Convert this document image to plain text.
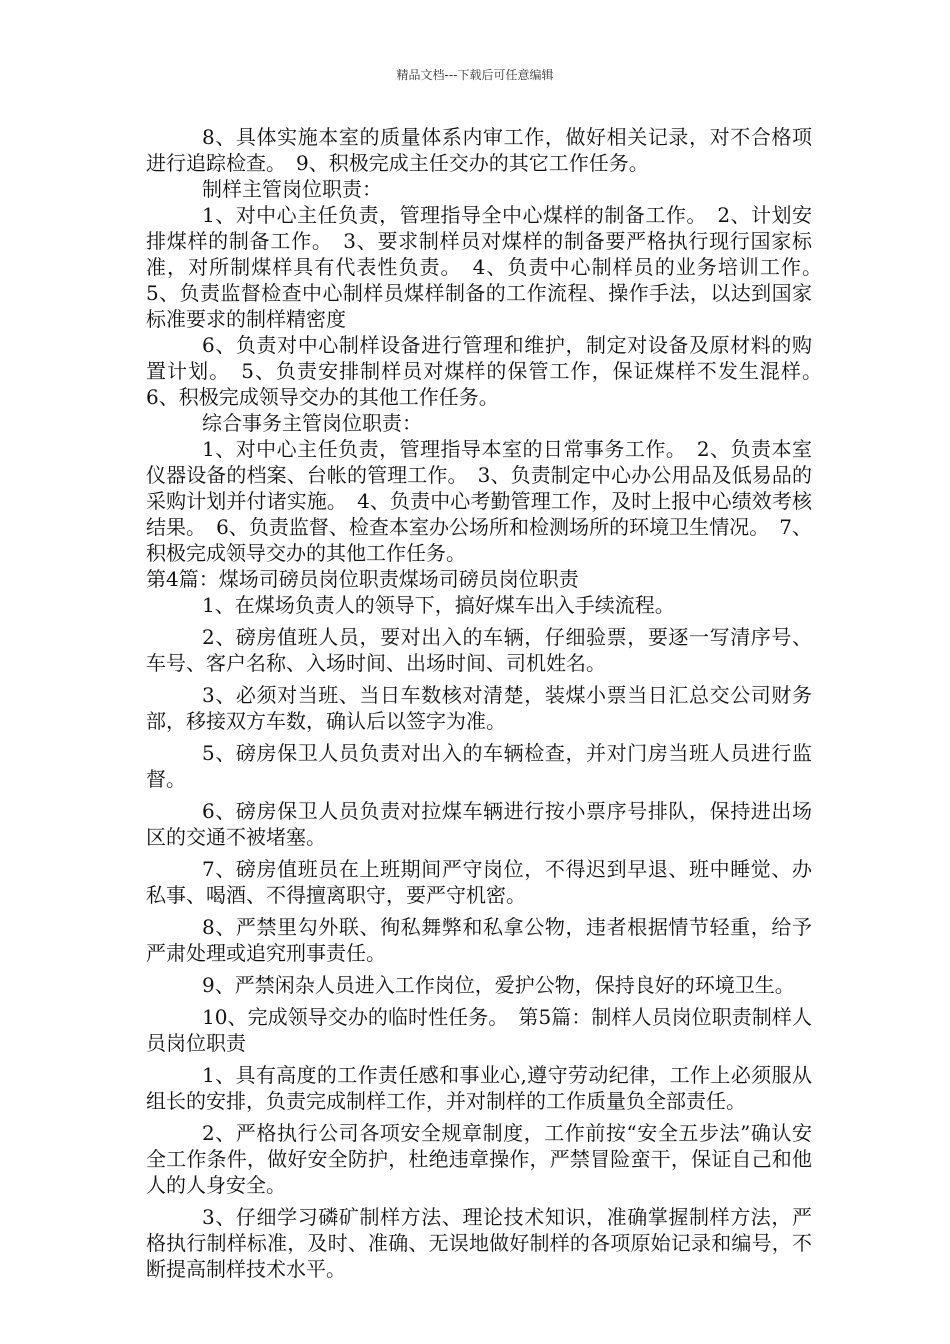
精品文档---下载后可任意编辑

8、具体实施本室的质量体系内审工作，做好相关记录，对不合格项进行追踪检查。　9、积极完成主任交办的其它工作任务。

制样主管岗位职责：

1、对中心主任负责，管理指导全中心煤样的制备工作。　2、计划安排煤样的制备工作。　3、要求制样员对煤样的制备要严格执行现行国家标准，对所制煤样具有代表性负责。　4、负责中心制样员的业务培训工作。　5、负责监督检查中心制样员煤样制备的工作流程、操作手法，以达到国家标准要求的制样精密度

6、负责对中心制样设备进行管理和维护，制定对设备及原材料的购置计划。　5、负责安排制样员对煤样的保管工作，保证煤样不发生混样。　6、积极完成领导交办的其他工作任务。

综合事务主管岗位职责：

1、对中心主任负责，管理指导本室的日常事务工作。　2、负责本室仪器设备的档案、台帐的管理工作。　3、负责制定中心办公用品及低易品的采购计划并付诸实施。　4、负责中心考勤管理工作，及时上报中心绩效考核结果。　6、负责监督、检查本室办公场所和检测场所的环境卫生情况。　7、积极完成领导交办的其他工作任务。

第4篇：煤场司磅员岗位职责煤场司磅员岗位职责

1、在煤场负责人的领导下，搞好煤车出入手续流程。

2、磅房值班人员，要对出入的车辆，仔细验票，要逐一写清序号、车号、客户名称、入场时间、出场时间、司机姓名。

3、必须对当班、当日车数核对清楚，装煤小票当日汇总交公司财务部，移接双方车数，确认后以签字为准。

5、磅房保卫人员负责对出入的车辆检查，并对门房当班人员进行监督。

6、磅房保卫人员负责对拉煤车辆进行按小票序号排队，保持进出场区的交通不被堵塞。

7、磅房值班员在上班期间严守岗位，不得迟到早退、班中睡觉、办私事、喝酒、不得擅离职守，要严守机密。

8、严禁里勾外联、徇私舞弊和私拿公物，违者根据情节轻重，给予严肃处理或追究刑事责任。

9、严禁闲杂人员进入工作岗位，爱护公物，保持良好的环境卫生。

10、完成领导交办的临时性任务。　第5篇：制样人员岗位职责制样人员岗位职责

1、具有高度的工作责任感和事业心,遵守劳动纪律，工作上必须服从组长的安排，负责完成制样工作，并对制样的工作质量负全部责任。

2、严格执行公司各项安全规章制度，工作前按“安全五步法”确认安全工作条件，做好安全防护，杜绝违章操作，严禁冒险蛮干，保证自己和他人的人身安全。

3、仔细学习磷矿制样方法、理论技术知识，准确掌握制样方法，严格执行制样标准，及时、准确、无误地做好制样的各项原始记录和编号，不断提高制样技术水平。
